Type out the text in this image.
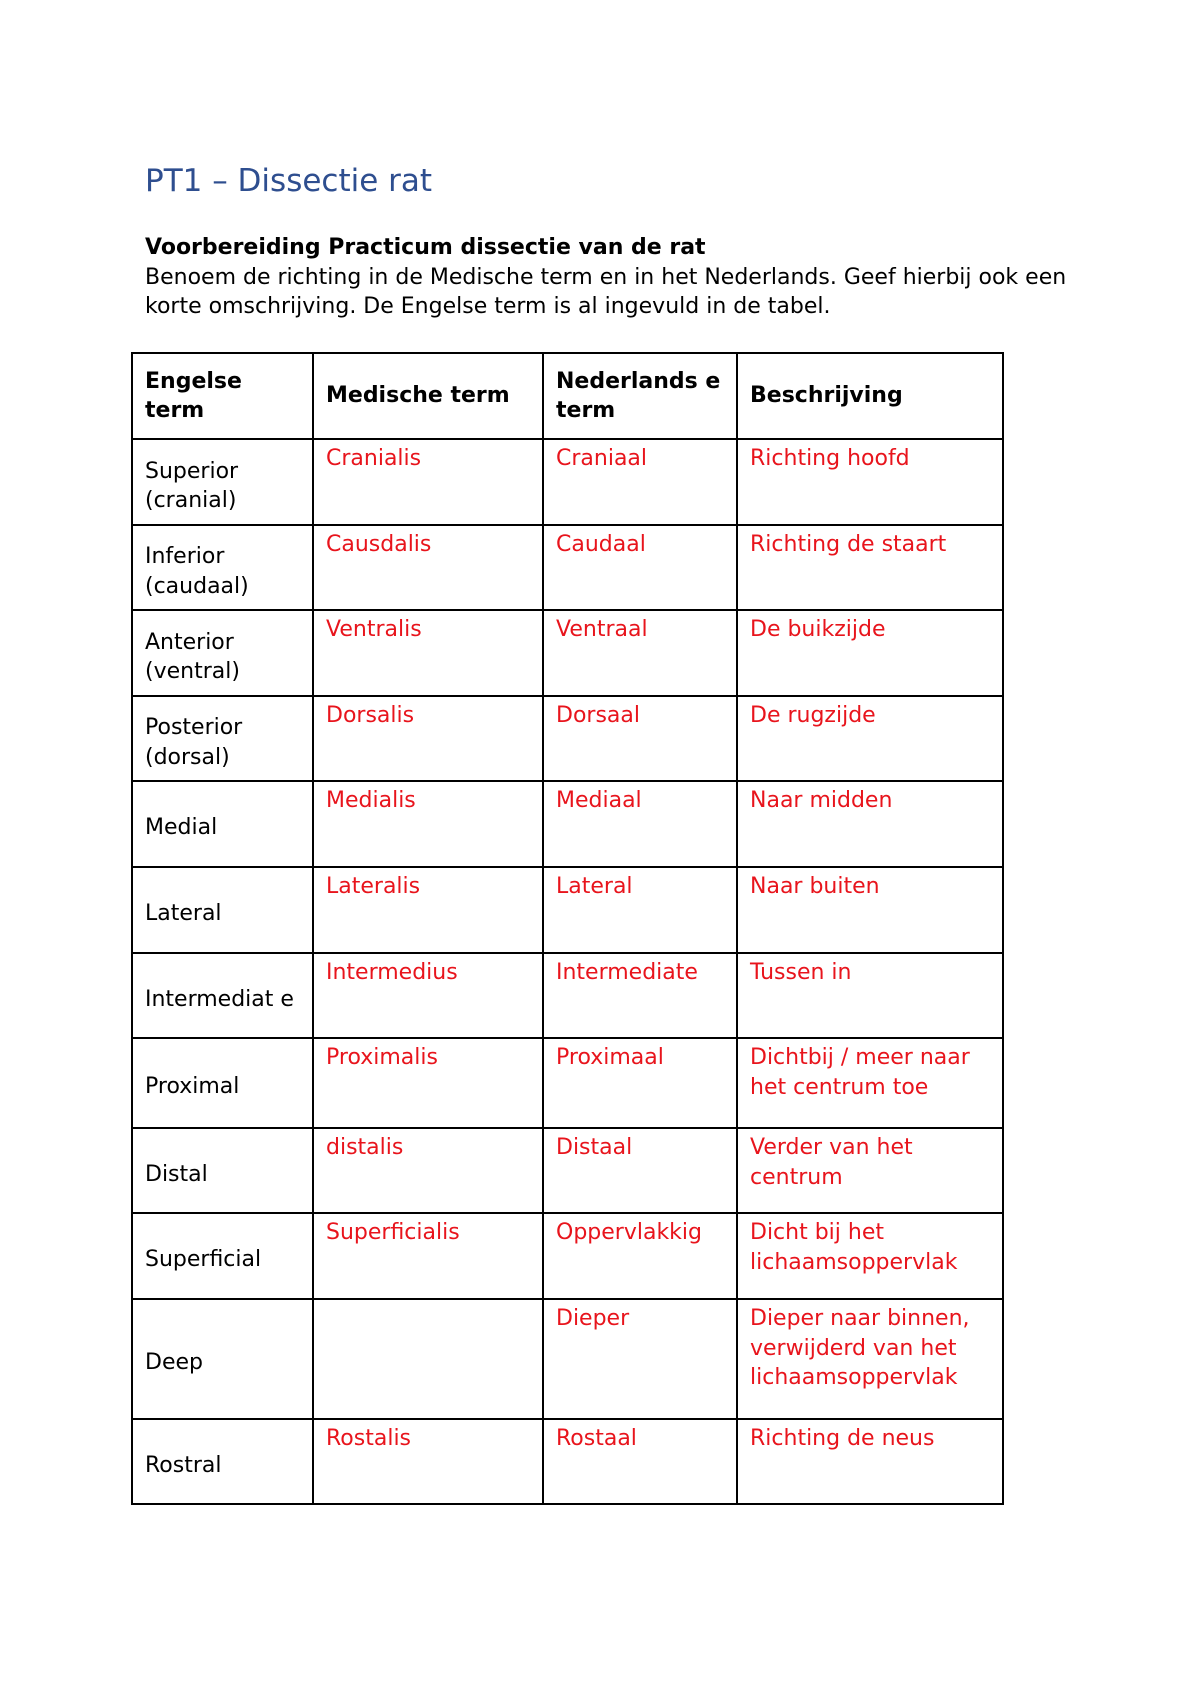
PT1 – Dissectie rat
Voorbereiding Practicum dissectie van de rat
Benoem de richting in de Medische term en in het Nederlands. Geef hierbij ook een korte omschrijving. De Engelse term is al ingevuld in de tabel.
Engelse term	Medische term	Nederlands e term	Beschrijving
Superior (cranial)	Cranialis	Craniaal	Richting hoofd
Inferior (caudaal)	Causdalis	Caudaal	Richting de staart
Anterior (ventral)	Ventralis	Ventraal	De buikzijde
Posterior (dorsal)	Dorsalis	Dorsaal	De rugzijde
Medial	Medialis	Mediaal	Naar midden
Lateral	Lateralis	Lateral	Naar buiten
Intermediat e	Intermedius	Intermediate	Tussen in
Proximal	Proximalis	Proximaal	Dichtbij / meer naar het centrum toe
Distal	distalis	Distaal	Verder van het centrum
Superficial	Superficialis	Oppervlakkig	Dicht bij het lichaamsoppervlak
Deep		Dieper	Dieper naar binnen, verwijderd van het lichaamsoppervlak
Rostral	Rostalis	Rostaal	Richting de neus
